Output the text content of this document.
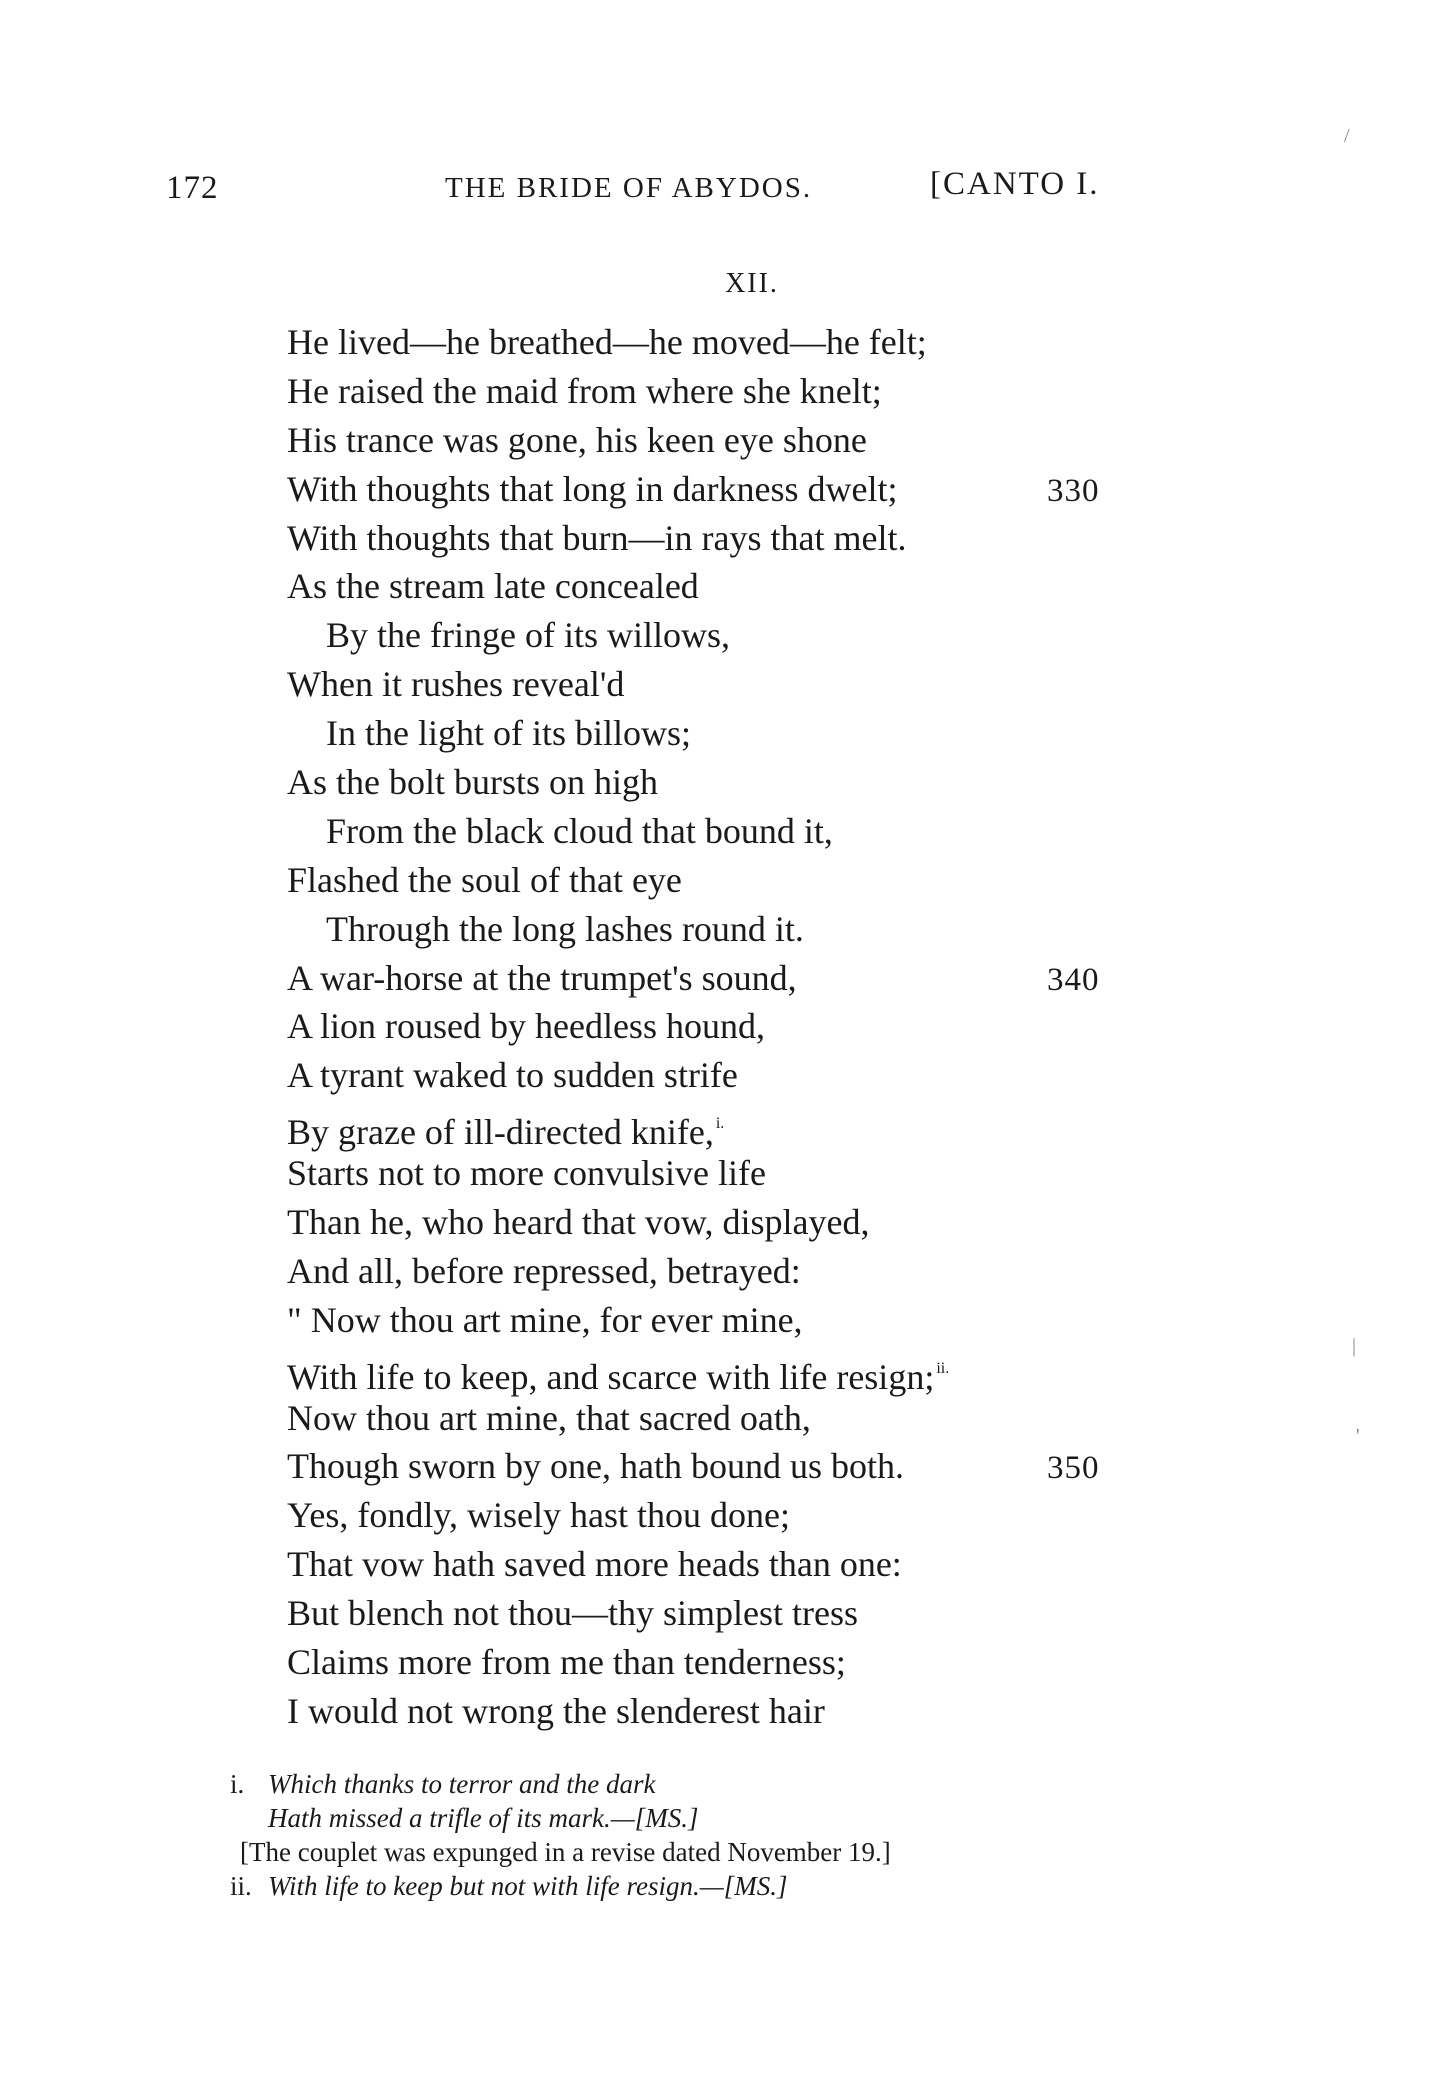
172	THE BRIDE OF ABYDOS.	[CANTO I.
XII.
He lived—he breathed—he moved—he felt;
He raised the maid from where she knelt;
His trance was gone, his keen eye shone
With thoughts that long in darkness dwelt;	330
With thoughts that burn—in rays that melt.
As the stream late concealed
By the fringe of its willows,
When it rushes reveal'd
In the light of its billows;
As the bolt bursts on high
From the black cloud that bound it,
Flashed the soul of that eye
Through the long lashes round it.
A war-horse at the trumpet's sound,	340
A lion roused by heedless hound,
A tyrant waked to sudden strife
By graze of ill-directed knife, $^{i.}$
Starts not to more convulsive life
Than he, who heard that vow, displayed,
And all, before repressed, betrayed:
" Now thou art mine, for ever mine,
With life to keep, and scarce with life resign; $^{ii.}$
Now thou art mine, that sacred oath,
Though sworn by one, hath bound us both.	350
Yes, fondly, wisely hast thou done;
That vow hath saved more heads than one:
But blench not thou—thy simplest tress
Claims more from me than tenderness;
I would not wrong the slenderest hair
i. Which thanks to terror and the dark
Hath missed a trifle of its mark.—[MS.]
[The couplet was expunged in a revise dated November 19.]
ii. With life to keep but not with life resign.—[MS.]
/
|
'
